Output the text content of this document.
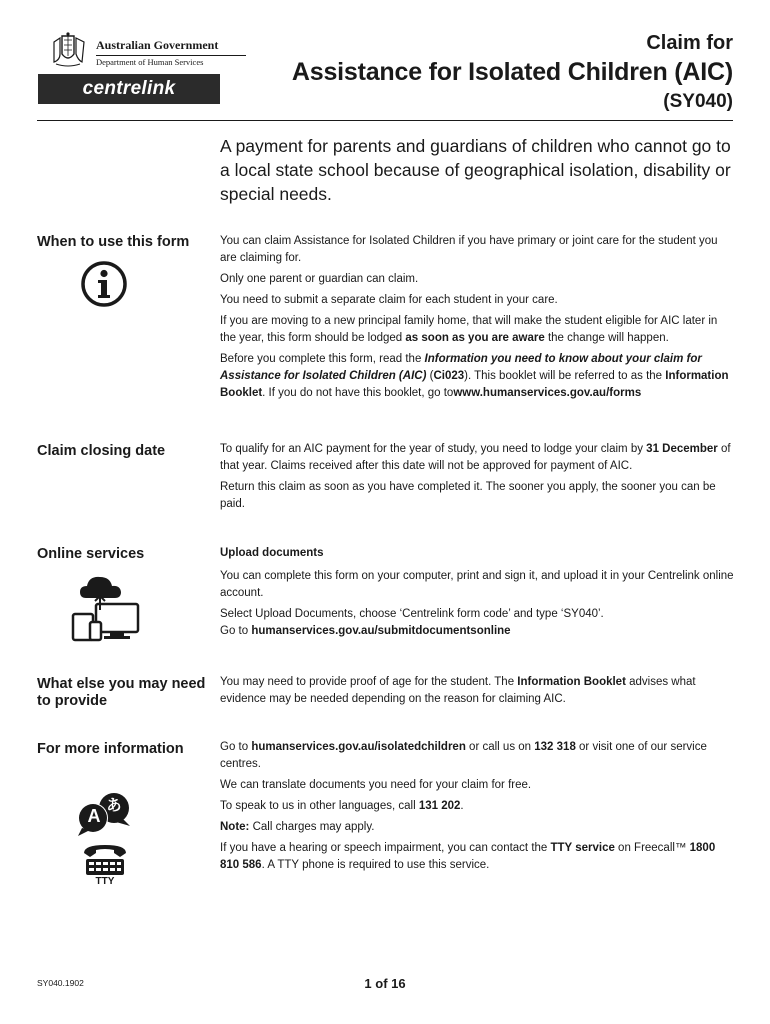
Australian Government
Department of Human Services
centrelink
Claim for
Assistance for Isolated Children (AIC)
(SY040)
A payment for parents and guardians of children who cannot go to a local state school because of geographical isolation, disability or special needs.
When to use this form	You can claim Assistance for Isolated Children if you have primary or joint care for the student you are claiming for.

Only one parent or guardian can claim.

You need to submit a separate claim for each student in your care.

If you are moving to a new principal family home, that will make the student eligible for AIC later in the year, this form should be lodged as soon as you are aware the change will happen.

Before you complete this form, read the Information you need to know about your claim for Assistance for Isolated Children (AIC) (Ci023). This booklet will be referred to as the Information Booklet. If you do not have this booklet, go towww.humanservices.gov.au/forms

Claim closing date	To qualify for an AIC payment for the year of study, you need to lodge your claim by 31 December of that year. Claims received after this date will not be approved for payment of AIC.

Return this claim as soon as you have completed it. The sooner you apply, the sooner you can be paid.

Online services	Upload documents

You can complete this form on your computer, print and sign it, and upload it in your Centrelink online account.

Select Upload Documents, choose ‘Centrelink form code’ and type ‘SY040’.

Go to humanservices.gov.au/submitdocumentsonline

What else you may need to provide

You may need to provide proof of age for the student. The Information Booklet advises what evidence may be needed depending on the reason for claiming AIC.

For more information
A
あ
TTY

Go to humanservices.gov.au/isolatedchildren or call us on 132 318 or visit one of our service centres.

We can translate documents you need for your claim for free.

To speak to us in other languages, call 131 202.

Note: Call charges may apply.

If you have a hearing or speech impairment, you can contact the TTY service on Freecall™ 1800 810 586. A TTY phone is required to use this service.

SY040.1902	1 of 16
